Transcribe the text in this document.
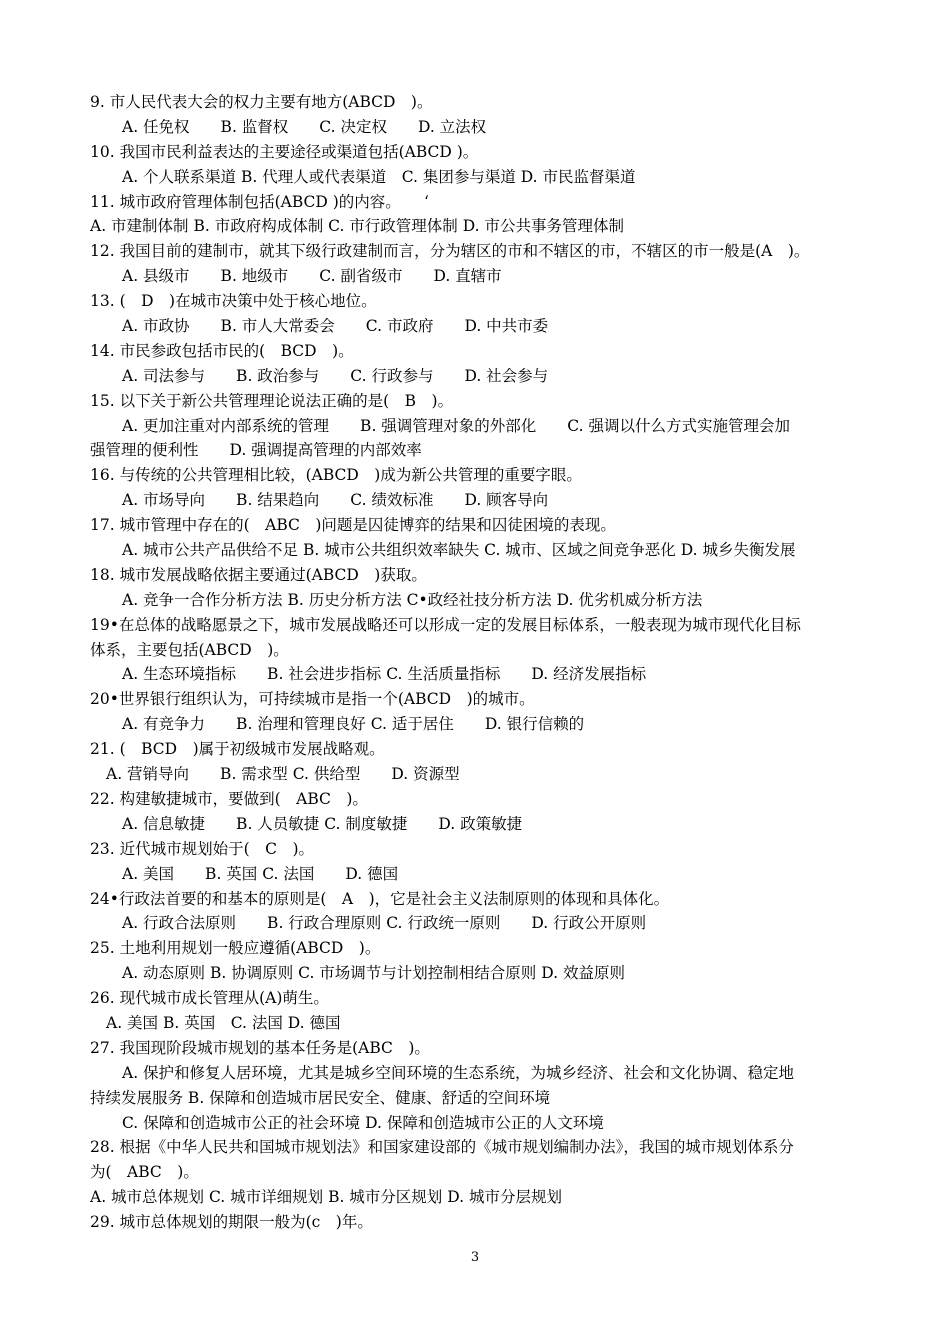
9. 市人民代表大会的权力主要有地方(ABCD　)。
A. 任免权　　B. 监督权　　C. 决定权　　D. 立法权
10. 我国市民利益表达的主要途径或渠道包括(ABCD )。
A. 个人联系渠道 B. 代理人或代表渠道　C. 集团参与渠道 D. 市民监督渠道
11. 城市政府管理体制包括(ABCD )的内容。　　‘
A. 市建制体制 B. 市政府构成体制 C. 市行政管理体制 D. 市公共事务管理体制
12. 我国目前的建制市，就其下级行政建制而言，分为辖区的市和不辖区的市，不辖区的市一般是(A　)。
A. 县级市　　B. 地级市　　C. 副省级市　　D. 直辖市
13. (　D　)在城市决策中处于核心地位。
A. 市政协　　B. 市人大常委会　　C. 市政府　　D. 中共市委
14. 市民参政包括市民的(　BCD　)。
A. 司法参与　　B. 政治参与　　C. 行政参与　　D. 社会参与
15. 以下关于新公共管理理论说法正确的是(　B　)。
A. 更加注重对内部系统的管理　　B. 强调管理对象的外部化　　C. 强调以什么方式实施管理会加
强管理的便利性　　D. 强调提高管理的内部效率
16. 与传统的公共管理相比较，(ABCD　)成为新公共管理的重要字眼。
A. 市场导向　　B. 结果趋向　　C. 绩效标准　　D. 顾客导向
17. 城市管理中存在的(　ABC　)问题是囚徒博弈的结果和囚徒困境的表现。
A. 城市公共产品供给不足 B. 城市公共组织效率缺失 C. 城市、区域之间竞争恶化 D. 城乡失衡发展
18. 城市发展战略依据主要通过(ABCD　)获取。
A. 竞争一合作分析方法 B. 历史分析方法 C•政经社技分析方法 D. 优劣机威分析方法
19•在总体的战略愿景之下，城市发展战略还可以形成一定的发展目标体系，一般表现为城市现代化目标
体系，主要包括(ABCD　)。
A. 生态环境指标　　B. 社会进步指标 C. 生活质量指标　　D. 经济发展指标
20•世界银行组织认为，可持续城市是指一个(ABCD　)的城市。
A. 有竞争力　　B. 治理和管理良好 C. 适于居住　　D. 银行信赖的
21. (　BCD　)属于初级城市发展战略观。
A. 营销导向　　B. 需求型 C. 供给型　　D. 资源型
22. 构建敏捷城市，要做到(　ABC　)。
A. 信息敏捷　　B. 人员敏捷 C. 制度敏捷　　D. 政策敏捷
23. 近代城市规划始于(　C　)。
A. 美国　　B. 英国 C. 法国　　D. 德国
24•行政法首要的和基本的原则是(　A　)，它是社会主义法制原则的体现和具体化。
A. 行政合法原则　　B. 行政合理原则 C. 行政统一原则　　D. 行政公开原则
25. 土地利用规划一般应遵循(ABCD　)。
A. 动态原则 B. 协调原则 C. 市场调节与计划控制相结合原则 D. 效益原则
26. 现代城市成长管理从(A)萌生。
A. 美国 B. 英国　C. 法国 D. 德国
27. 我国现阶段城市规划的基本任务是(ABC　)。
A. 保护和修复人居环境，尤其是城乡空间环境的生态系统，为城乡经济、社会和文化协调、稳定地
持续发展服务 B. 保障和创造城市居民安全、健康、舒适的空间环境
C. 保障和创造城市公正的社会环境 D. 保障和创造城市公正的人文环境
28. 根据《中华人民共和国城市规划法》和国家建设部的《城市规划编制办法》，我国的城市规划体系分
为(　ABC　)。
A. 城市总体规划 C. 城市详细规划 B. 城市分区规划 D. 城市分层规划
29. 城市总体规划的期限一般为(c　)年。
3
